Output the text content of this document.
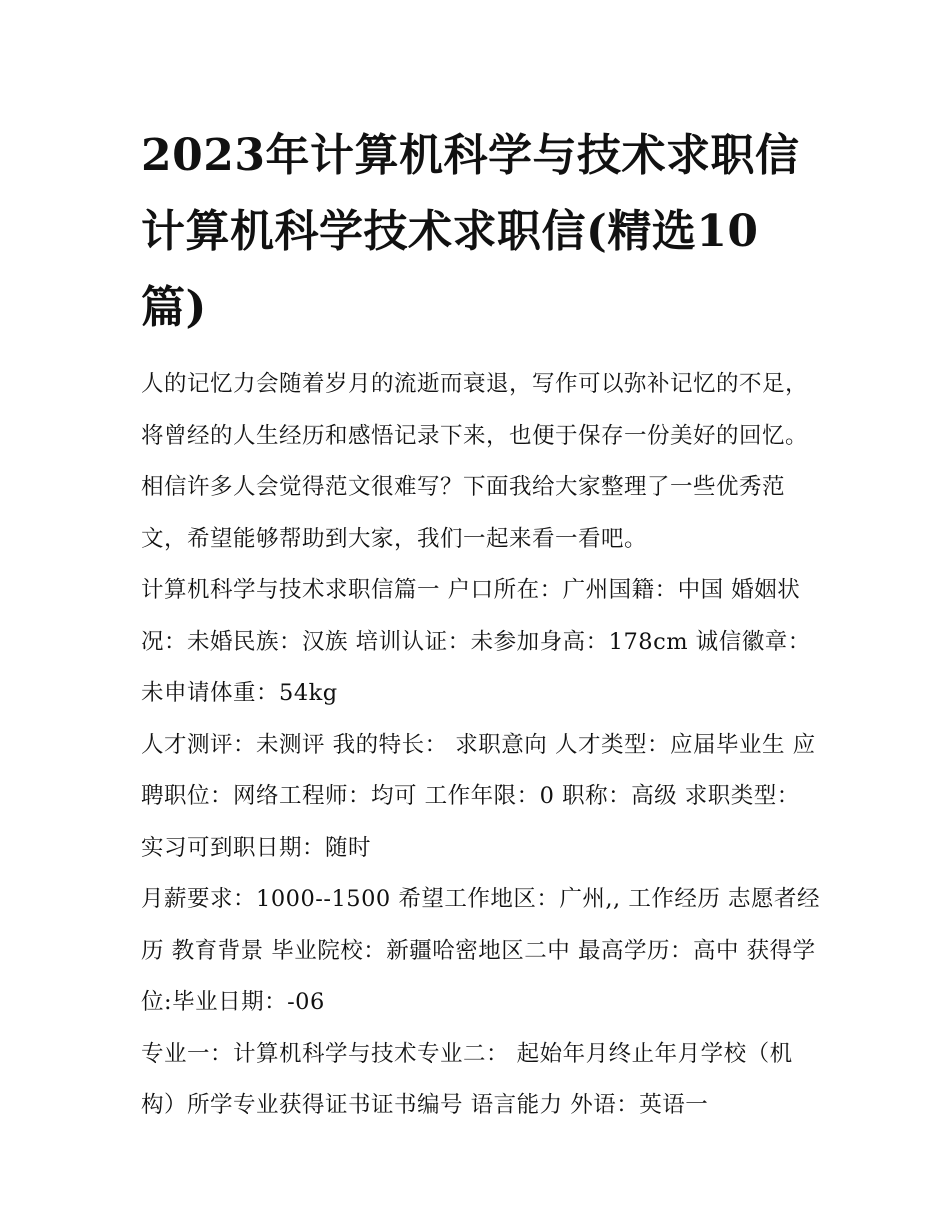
2023年计算机科学与技术求职信 计算机科学技术求职信(精选10篇)

人的记忆力会随着岁月的流逝而衰退，写作可以弥补记忆的不足，将曾经的人生经历和感悟记录下来，也便于保存一份美好的回忆。相信许多人会觉得范文很难写？下面我给大家整理了一些优秀范文，希望能够帮助到大家，我们一起来看一看吧。

计算机科学与技术求职信篇一 户口所在：广州国籍：中国 婚姻状况：未婚民族：汉族 培训认证：未参加身高：178cm 诚信徽章：未申请体重：54kg

人才测评：未测评 我的特长： 求职意向 人才类型：应届毕业生 应聘职位：网络工程师：均可 工作年限：0 职称：高级 求职类型：实习可到职日期：随时

月薪要求：1000--1500 希望工作地区：广州,, 工作经历 志愿者经历 教育背景 毕业院校：新疆哈密地区二中 最高学历：高中 获得学位:毕业日期：-06

专业一：计算机科学与技术专业二： 起始年月终止年月学校（机构）所学专业获得证书证书编号 语言能力 外语：英语一
